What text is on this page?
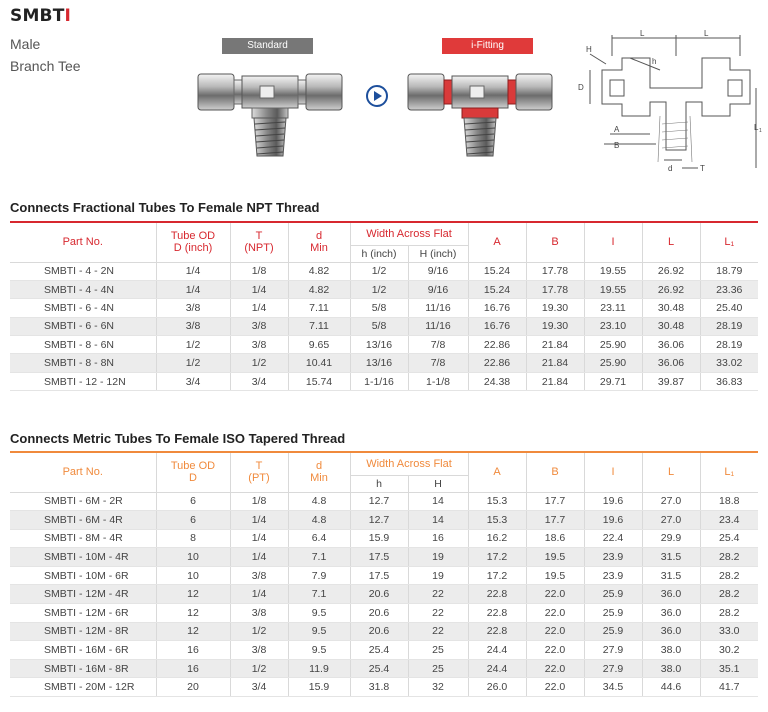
SMBTI
Male
Branch Tee
Standard	i-Fitting	H
L	L
h
D
A
B
L 1
d	T
Connects Fractional Tubes To Female NPT Thread
Part No.	Tube OD
D (inch)	T
(NPT)	d
Min	Width Across Flat		A	B	I	L	L₁
				h (inch)	H (inch)					
SMBTI - 4 - 2N	1/4	1/8	4.82	1/2	9/16	15.24	17.78	19.55	26.92	18.79
SMBTI - 4 - 4N	1/4	1/4	4.82	1/2	9/16	15.24	17.78	19.55	26.92	23.36
SMBTI - 6 - 4N	3/8	1/4	7.11	5/8	11/16	16.76	19.30	23.11	30.48	25.40
SMBTI - 6 - 6N	3/8	3/8	7.11	5/8	11/16	16.76	19.30	23.10	30.48	28.19
SMBTI - 8 - 6N	1/2	3/8	9.65	13/16	7/8	22.86	21.84	25.90	36.06	28.19
SMBTI - 8 - 8N	1/2	1/2	10.41	13/16	7/8	22.86	21.84	25.90	36.06	33.02
SMBTI - 12 - 12N	3/4	3/4	15.74	1-1/16	1-1/8	24.38	21.84	29.71	39.87	36.83
Connects Metric Tubes To Female ISO Tapered Thread
Part No.	Tube OD
D	T
(PT)	d
Min	Width Across Flat		A	B	I	L	L₁
				h	H					
SMBTI - 6M - 2R	6	1/8	4.8	12.7	14	15.3	17.7	19.6	27.0	18.8
SMBTI - 6M - 4R	6	1/4	4.8	12.7	14	15.3	17.7	19.6	27.0	23.4
SMBTI - 8M - 4R	8	1/4	6.4	15.9	16	16.2	18.6	22.4	29.9	25.4
SMBTI - 10M - 4R	10	1/4	7.1	17.5	19	17.2	19.5	23.9	31.5	28.2
SMBTI - 10M - 6R	10	3/8	7.9	17.5	19	17.2	19.5	23.9	31.5	28.2
SMBTI - 12M - 4R	12	1/4	7.1	20.6	22	22.8	22.0	25.9	36.0	28.2
SMBTI - 12M - 6R	12	3/8	9.5	20.6	22	22.8	22.0	25.9	36.0	28.2
SMBTI - 12M - 8R	12	1/2	9.5	20.6	22	22.8	22.0	25.9	36.0	33.0
SMBTI - 16M - 6R	16	3/8	9.5	25.4	25	24.4	22.0	27.9	38.0	30.2
SMBTI - 16M - 8R	16	1/2	11.9	25.4	25	24.4	22.0	27.9	38.0	35.1
SMBTI - 20M - 12R	20	3/4	15.9	31.8	32	26.0	22.0	34.5	44.6	41.7
